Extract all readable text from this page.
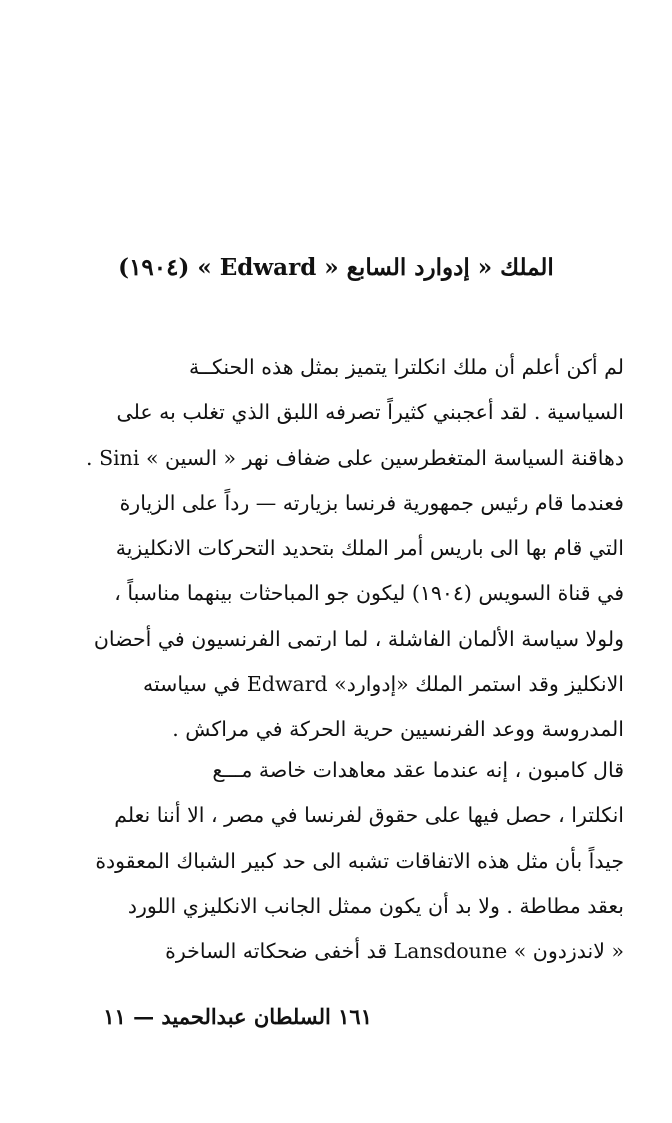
الملك « إدوارد السابع « Edward » (١٩٠٤)
لم أكن أعلم أن ملك انكلترا يتميز بمثل هذه الحنكــة
السياسية . لقد أعجبني كثيراً تصرفه اللبق الذي تغلب به على
دهاقنة السياسة المتغطرسين على ضفاف نهر « السين » Sini .
فعندما قام رئيس جمهورية فرنسا بزيارته — رداً على الزيارة
التي قام بها الى باريس أمر الملك بتحديد التحركات الانكليزية
في قناة السويس (١٩٠٤) ليكون جو المباحثات بينهما مناسباً ،
ولولا سياسة الألمان الفاشلة ، لما ارتمى الفرنسيون في أحضان
الانكليز وقد استمر الملك «إدوارد» Edward في سياسته
المدروسة ووعد الفرنسيين حرية الحركة في مراكش .
قال كامبون ، إنه عندما عقد معاهدات خاصة مـــع
انكلترا ، حصل فيها على حقوق لفرنسا في مصر ، الا أننا نعلم
جيداً بأن مثل هذه الاتفاقات تشبه الى حد كبير الشباك المعقودة
بعقد مطاطة . ولا بد أن يكون ممثل الجانب الانكليزي اللورد
« لاندزدون » Lansdoune قد أخفى ضحكاته الساخرة
١٦١ السلطان عبدالحميد — ١١
